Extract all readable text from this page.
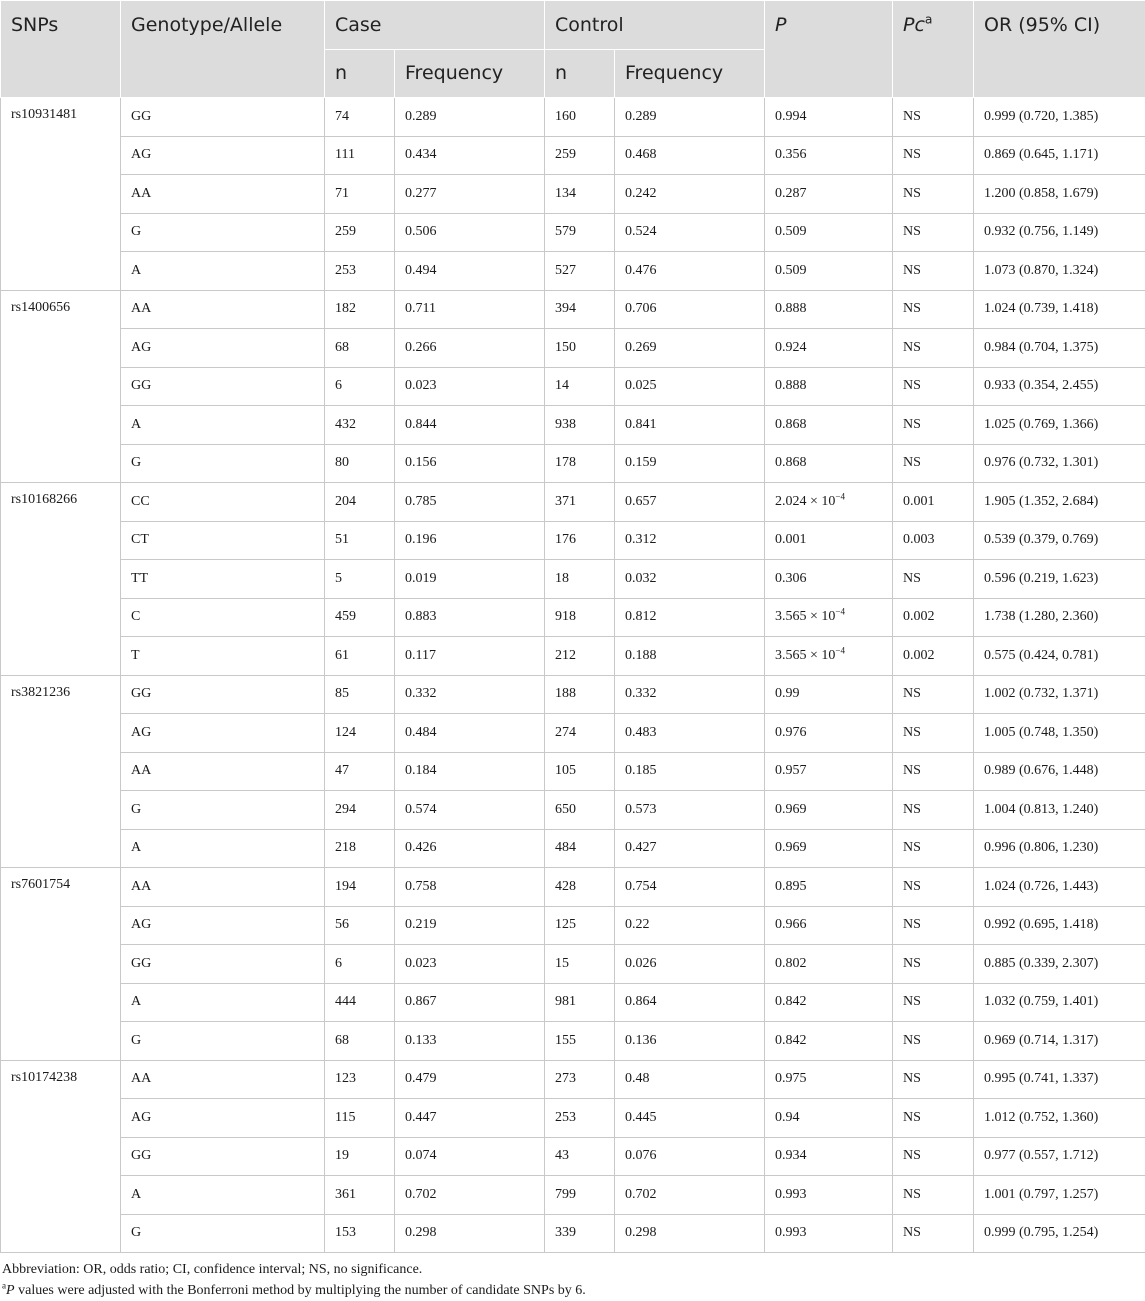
SNPs	Genotype/Allele	Case		Control		P	Pc$^a$	OR (95% CI)
		n	Frequency	n	Frequency			
rs10931481	GG	74	0.289	160	0.289	0.994	NS	0.999 (0.720, 1.385)
	AG	111	0.434	259	0.468	0.356	NS	0.869 (0.645, 1.171)
	AA	71	0.277	134	0.242	0.287	NS	1.200 (0.858, 1.679)
	G	259	0.506	579	0.524	0.509	NS	0.932 (0.756, 1.149)
	A	253	0.494	527	0.476	0.509	NS	1.073 (0.870, 1.324)
rs1400656	AA	182	0.711	394	0.706	0.888	NS	1.024 (0.739, 1.418)
	AG	68	0.266	150	0.269	0.924	NS	0.984 (0.704, 1.375)
	GG	6	0.023	14	0.025	0.888	NS	0.933 (0.354, 2.455)
	A	432	0.844	938	0.841	0.868	NS	1.025 (0.769, 1.366)
	G	80	0.156	178	0.159	0.868	NS	0.976 (0.732, 1.301)
rs10168266	CC	204	0.785	371	0.657	$2.024 \times 10^{-4}$	0.001	1.905 (1.352, 2.684)
	CT	51	0.196	176	0.312	0.001	0.003	0.539 (0.379, 0.769)
	TT	5	0.019	18	0.032	0.306	NS	0.596 (0.219, 1.623)
	C	459	0.883	918	0.812	$3.565 \times 10^{-4}$	0.002	1.738 (1.280, 2.360)
	T	61	0.117	212	0.188	$3.565 \times 10^{-4}$	0.002	0.575 (0.424, 0.781)
rs3821236	GG	85	0.332	188	0.332	0.99	NS	1.002 (0.732, 1.371)
	AG	124	0.484	274	0.483	0.976	NS	1.005 (0.748, 1.350)
	AA	47	0.184	105	0.185	0.957	NS	0.989 (0.676, 1.448)
	G	294	0.574	650	0.573	0.969	NS	1.004 (0.813, 1.240)
	A	218	0.426	484	0.427	0.969	NS	0.996 (0.806, 1.230)
rs7601754	AA	194	0.758	428	0.754	0.895	NS	1.024 (0.726, 1.443)
	AG	56	0.219	125	0.22	0.966	NS	0.992 (0.695, 1.418)
	GG	6	0.023	15	0.026	0.802	NS	0.885 (0.339, 2.307)
	A	444	0.867	981	0.864	0.842	NS	1.032 (0.759, 1.401)
	G	68	0.133	155	0.136	0.842	NS	0.969 (0.714, 1.317)
rs10174238	AA	123	0.479	273	0.48	0.975	NS	0.995 (0.741, 1.337)
	AG	115	0.447	253	0.445	0.94	NS	1.012 (0.752, 1.360)
	GG	19	0.074	43	0.076	0.934	NS	0.977 (0.557, 1.712)
	A	361	0.702	799	0.702	0.993	NS	1.001 (0.797, 1.257)
	G	153	0.298	339	0.298	0.993	NS	0.999 (0.795, 1.254)

Abbreviation: OR, odds ratio; CI, confidence interval; NS, no significance.

$^a$P values were adjusted with the Bonferroni method by multiplying the number of candidate SNPs by 6.
